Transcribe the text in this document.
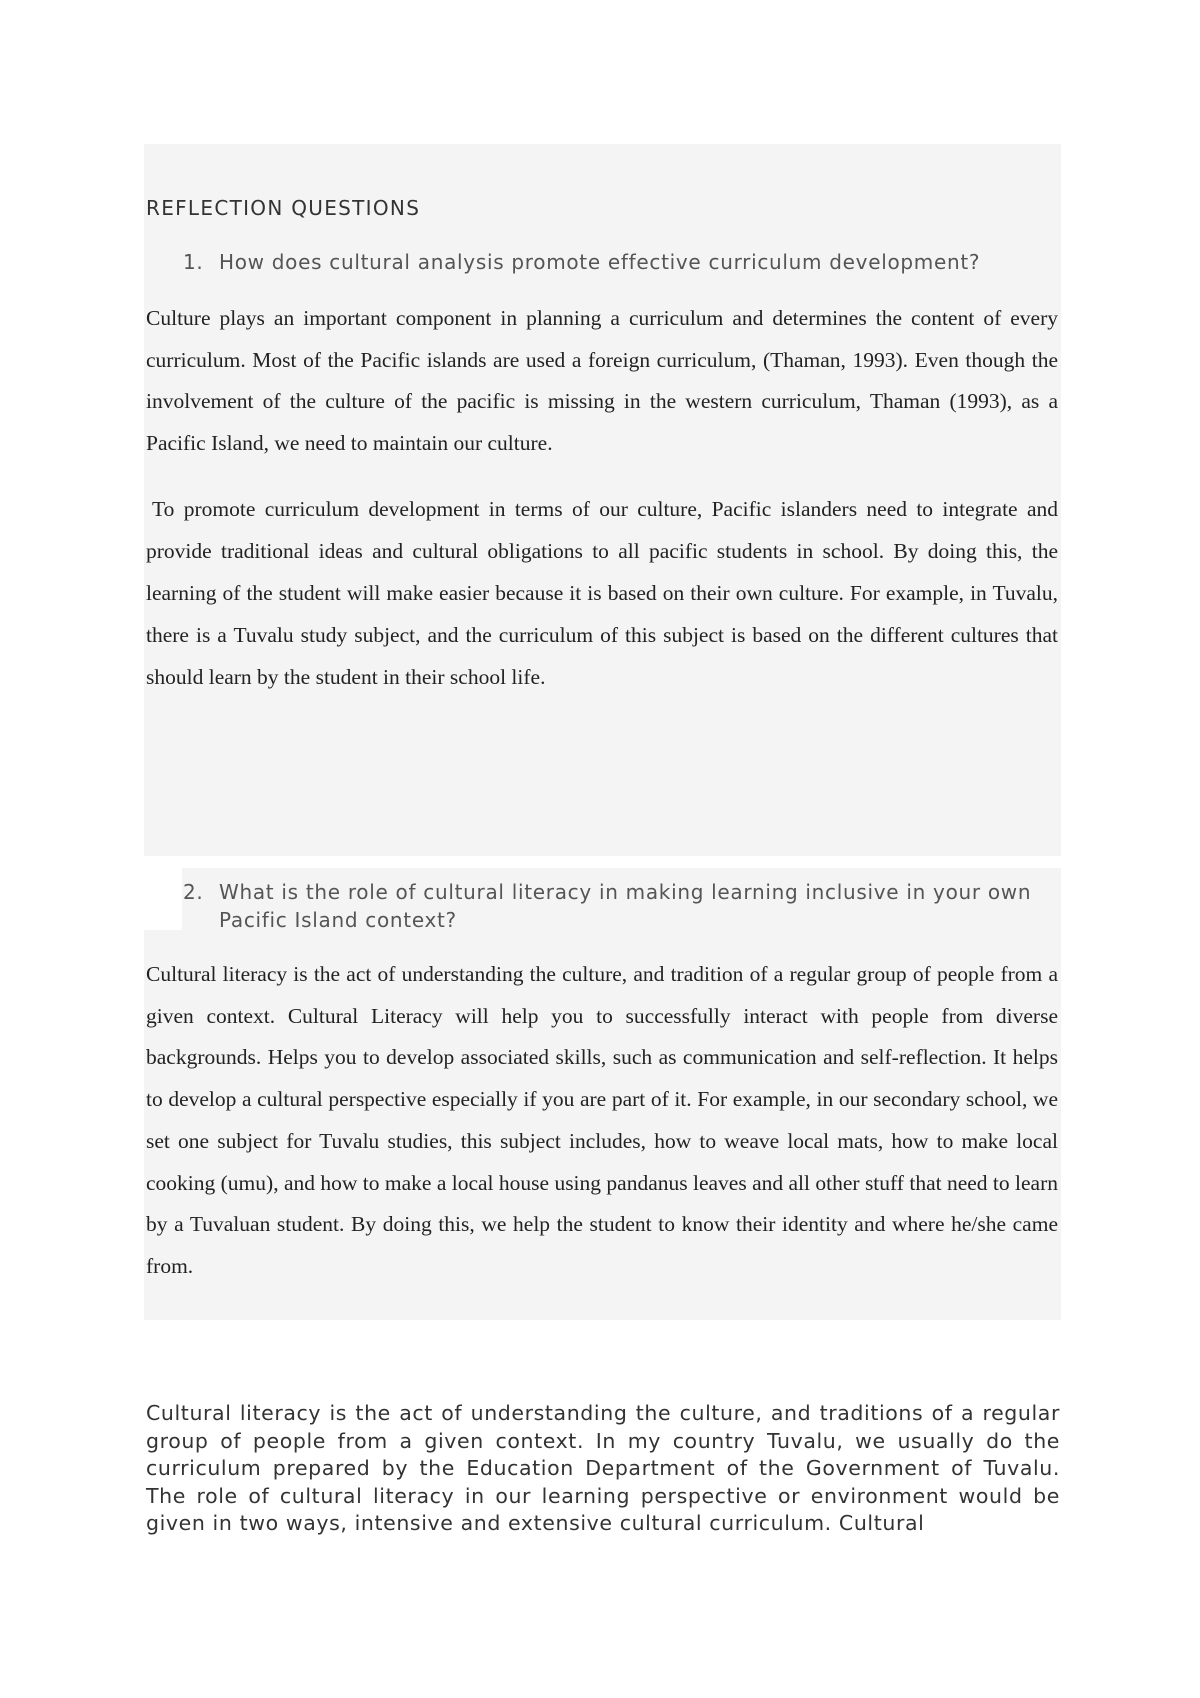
REFLECTION QUESTIONS
1. How does cultural analysis promote effective curriculum development?

Culture plays an important component in planning a curriculum and determines the content of every curriculum. Most of the Pacific islands are used a foreign curriculum, (Thaman, 1993). Even though the involvement of the culture of the pacific is missing in the western curriculum, Thaman (1993), as a Pacific Island, we need to maintain our culture.

To promote curriculum development in terms of our culture, Pacific islanders need to integrate and provide traditional ideas and cultural obligations to all pacific students in school. By doing this, the learning of the student will make easier because it is based on their own culture. For example, in Tuvalu, there is a Tuvalu study subject, and the curriculum of this subject is based on the different cultures that should learn by the student in their school life.

2. What is the role of cultural literacy in making learning inclusive in your own Pacific Island context?

Cultural literacy is the act of understanding the culture, and tradition of a regular group of people from a given context. Cultural Literacy will help you to successfully interact with people from diverse backgrounds. Helps you to develop associated skills, such as communication and self-reflection. It helps to develop a cultural perspective especially if you are part of it. For example, in our secondary school, we set one subject for Tuvalu studies, this subject includes, how to weave local mats, how to make local cooking (umu), and how to make a local house using pandanus leaves and all other stuff that need to learn by a Tuvaluan student. By doing this, we help the student to know their identity and where he/she came from.

Cultural literacy is the act of understanding the culture, and traditions of a regular group of people from a given context. In my country Tuvalu, we usually do the curriculum prepared by the Education Department of the Government of Tuvalu. The role of cultural literacy in our learning perspective or environment would be given in two ways, intensive and extensive cultural curriculum. Cultural
